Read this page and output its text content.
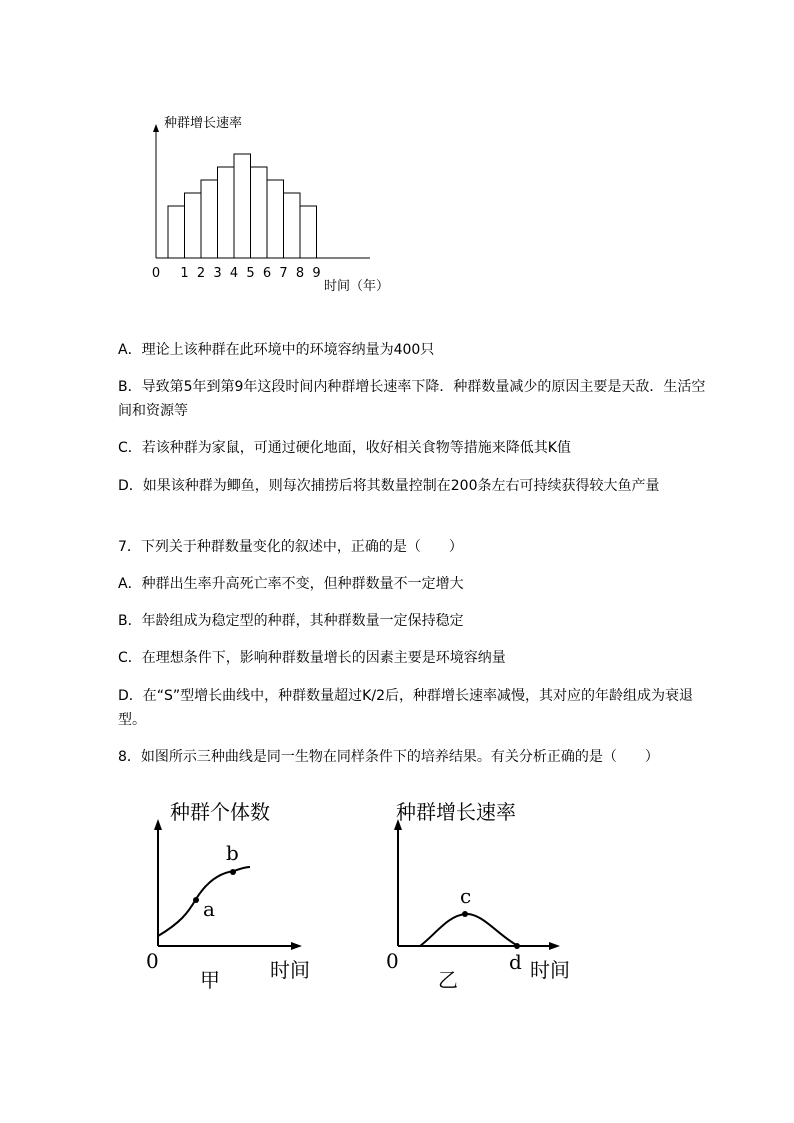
种群增长速率
时间（年）
0 1 2 3 4 5 6 7 8 9
A．理论上该种群在此环境中的环境容纳量为400只
B．导致第5年到第9年这段时间内种群增长速率下降．种群数量减少的原因主要是天敌．生活空间和资源等
C．若该种群为家鼠，可通过硬化地面，收好相关食物等措施来降低其K值
D．如果该种群为鲫鱼，则每次捕捞后将其数量控制在200条左右可持续获得较大鱼产量
7．下列关于种群数量变化的叙述中，正确的是（　　）
A．种群出生率升高死亡率不变，但种群数量不一定增大
B．年龄组成为稳定型的种群，其种群数量一定保持稳定
C．在理想条件下，影响种群数量增长的因素主要是环境容纳量
D．在“S”型增长曲线中，种群数量超过K/2后，种群增长速率减慢，其对应的年龄组成为衰退型。
8．如图所示三种曲线是同一生物在同样条件下的培养结果。有关分析正确的是（　　）
种群个体数
a
b
0	时间
甲
种群增长速率
c
d
0	时间
乙
